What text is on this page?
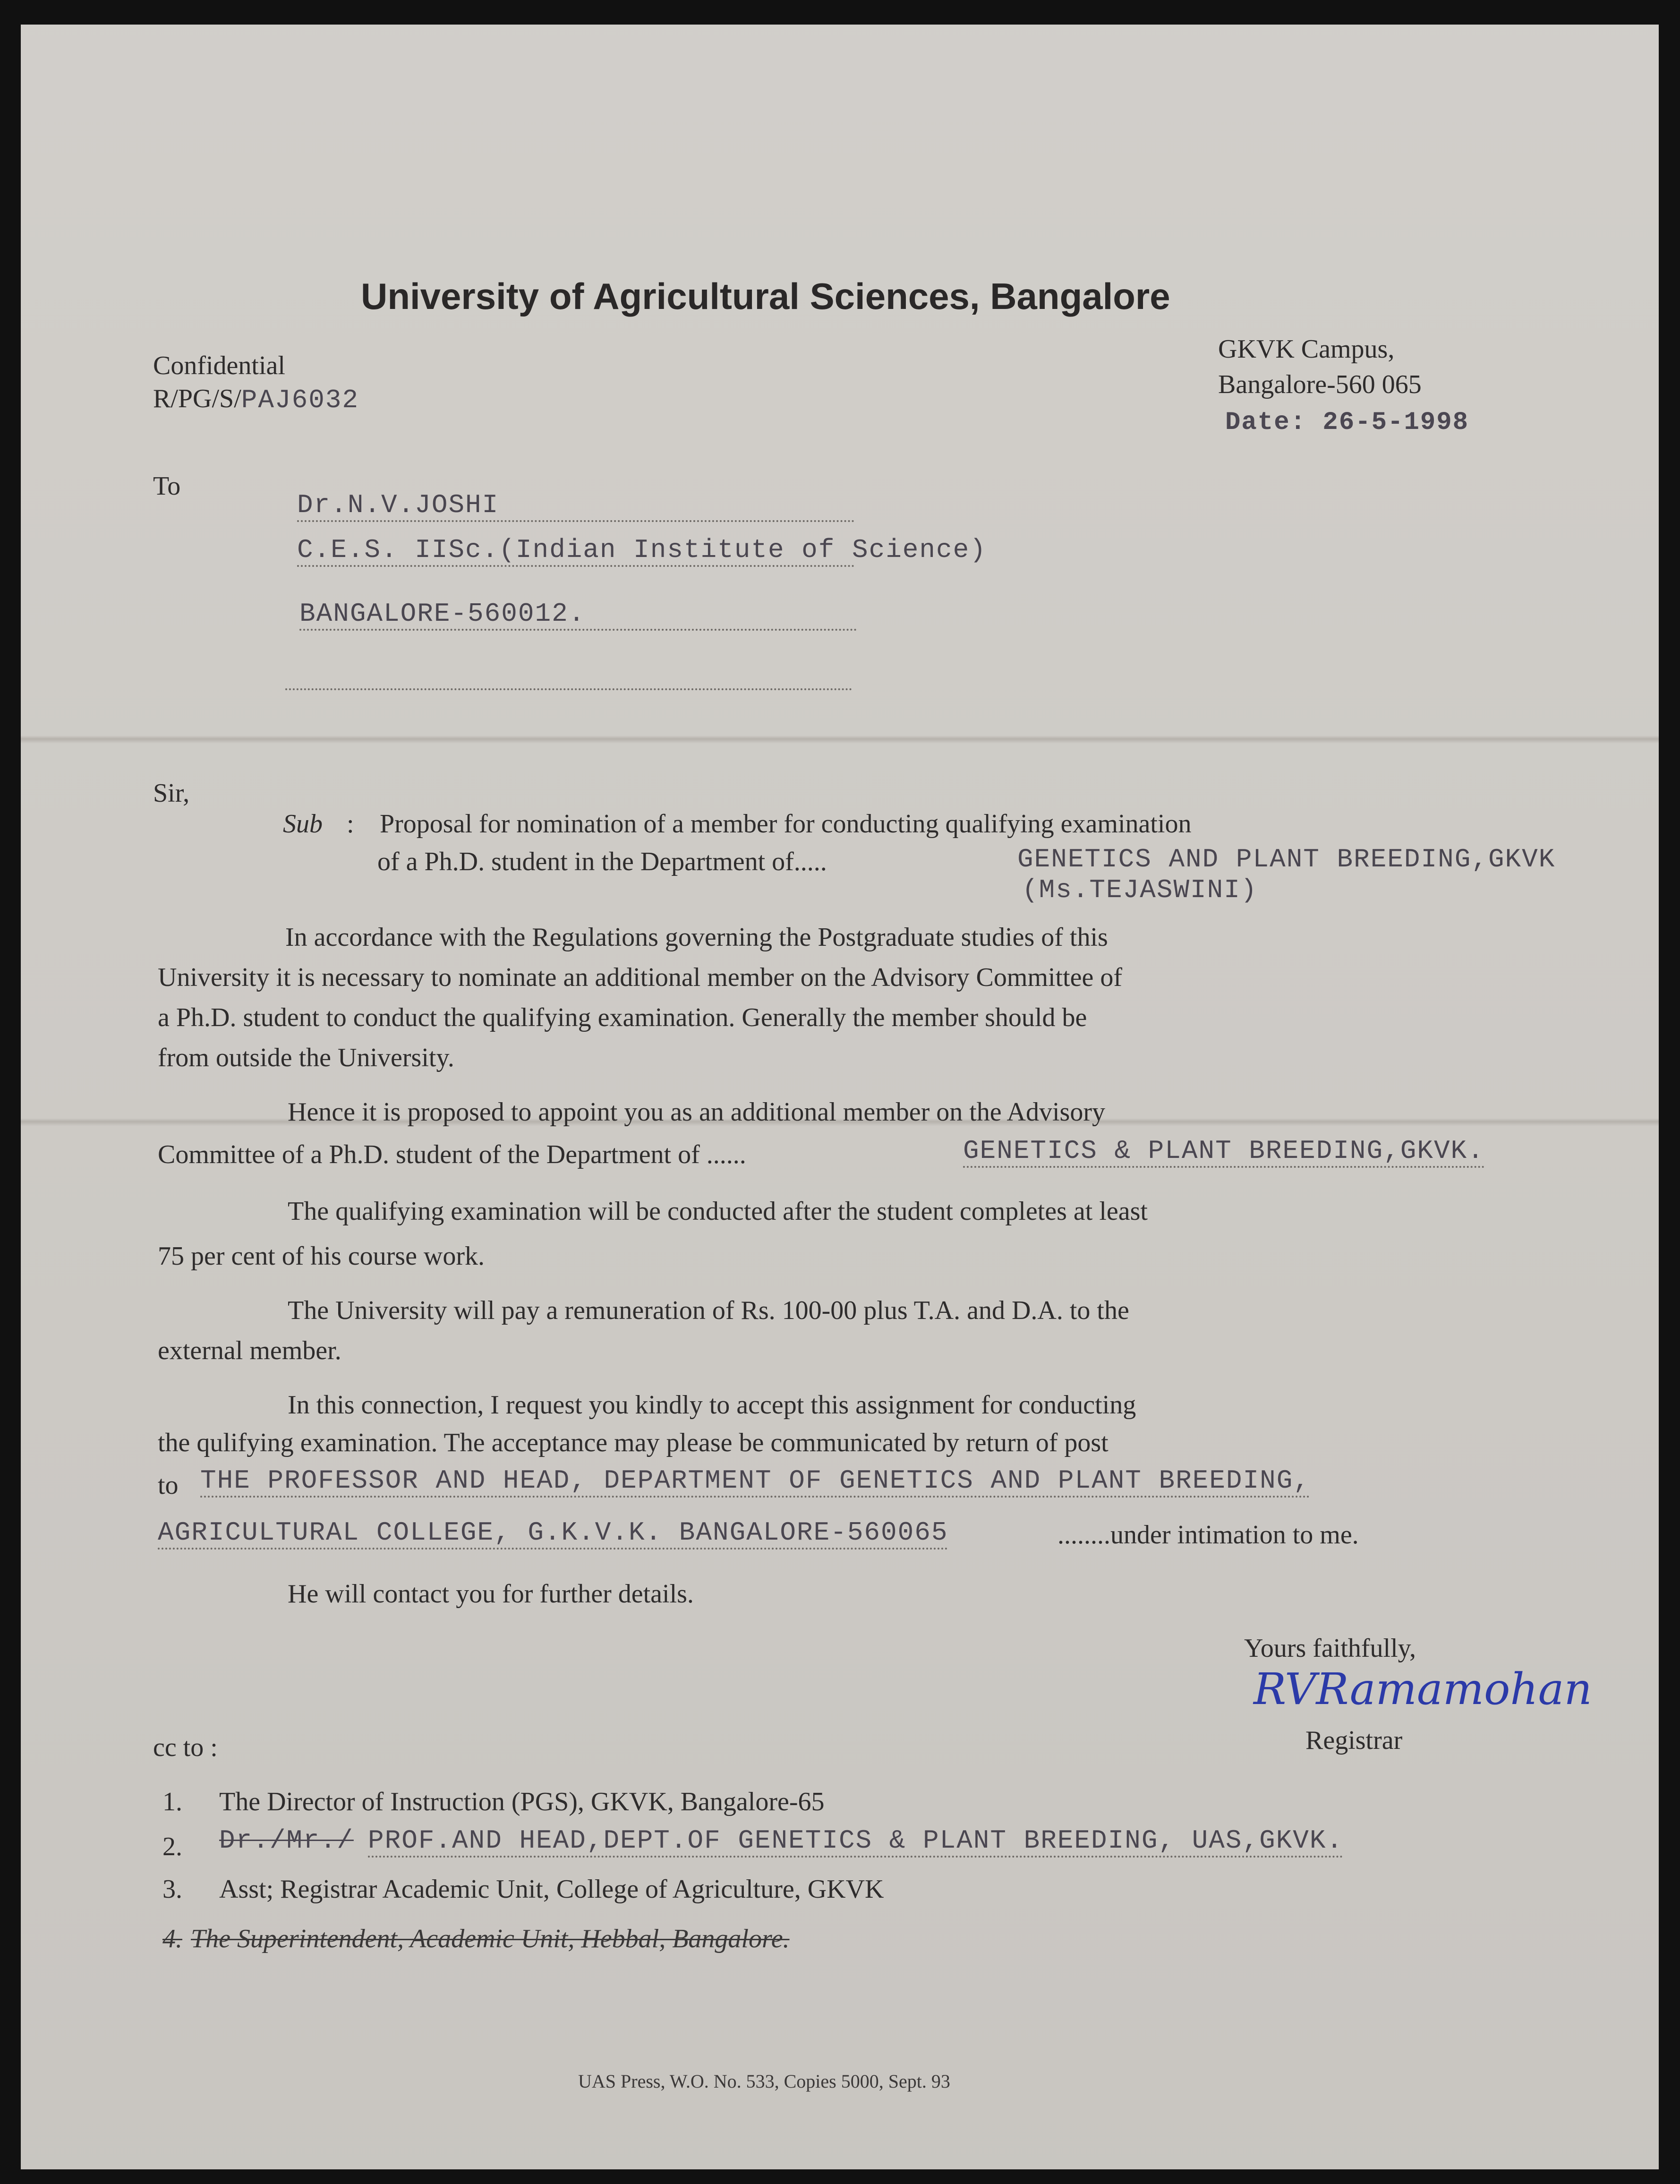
University of Agricultural Sciences, Bangalore
Confidential
R/PG/S/PAJ6032
GKVK Campus,
Bangalore-560 065
Date: 26-5-1998
To
Dr.N.V.JOSHI
C.E.S. IISc.(Indian Institute of Science)
BANGALORE-560012.
Sir,
Sub : Proposal for nomination of a member for conducting qualifying examination
of a Ph.D. student in the Department of.....	GENETICS AND PLANT BREEDING,GKVK
(Ms.TEJASWINI)
In accordance with the Regulations governing the Postgraduate studies of this
University it is necessary to nominate an additional member on the Advisory Committee of
a Ph.D. student to conduct the qualifying examination. Generally the member should be
from outside the University.
Hence it is proposed to appoint you as an additional member on the Advisory
Committee of a Ph.D. student of the Department of ......	GENETICS & PLANT BREEDING,GKVK.
The qualifying examination will be conducted after the student completes at least
75 per cent of his course work.
The University will pay a remuneration of Rs. 100-00 plus T.A. and D.A. to the
external member.
In this connection, I request you kindly to accept this assignment for conducting
the qulifying examination. The acceptance may please be communicated by return of post
to THE PROFESSOR AND HEAD, DEPARTMENT OF GENETICS AND PLANT BREEDING,
AGRICULTURAL COLLEGE, G.K.V.K. BANGALORE-560065	........under intimation to me.
He will contact you for further details.
Yours faithfully,
RVRamamohan
Registrar
cc to :
1. The Director of Instruction (PGS), GKVK, Bangalore-65
2. Dr./Mr./ PROF.AND HEAD,DEPT.OF GENETICS & PLANT BREEDING, UAS,GKVK.
3. Asst; Registrar Academic Unit, College of Agriculture, GKVK
4. The Superintendent, Academic Unit, Hebbal, Bangalore.
UAS Press, W.O. No. 533, Copies 5000, Sept. 93
